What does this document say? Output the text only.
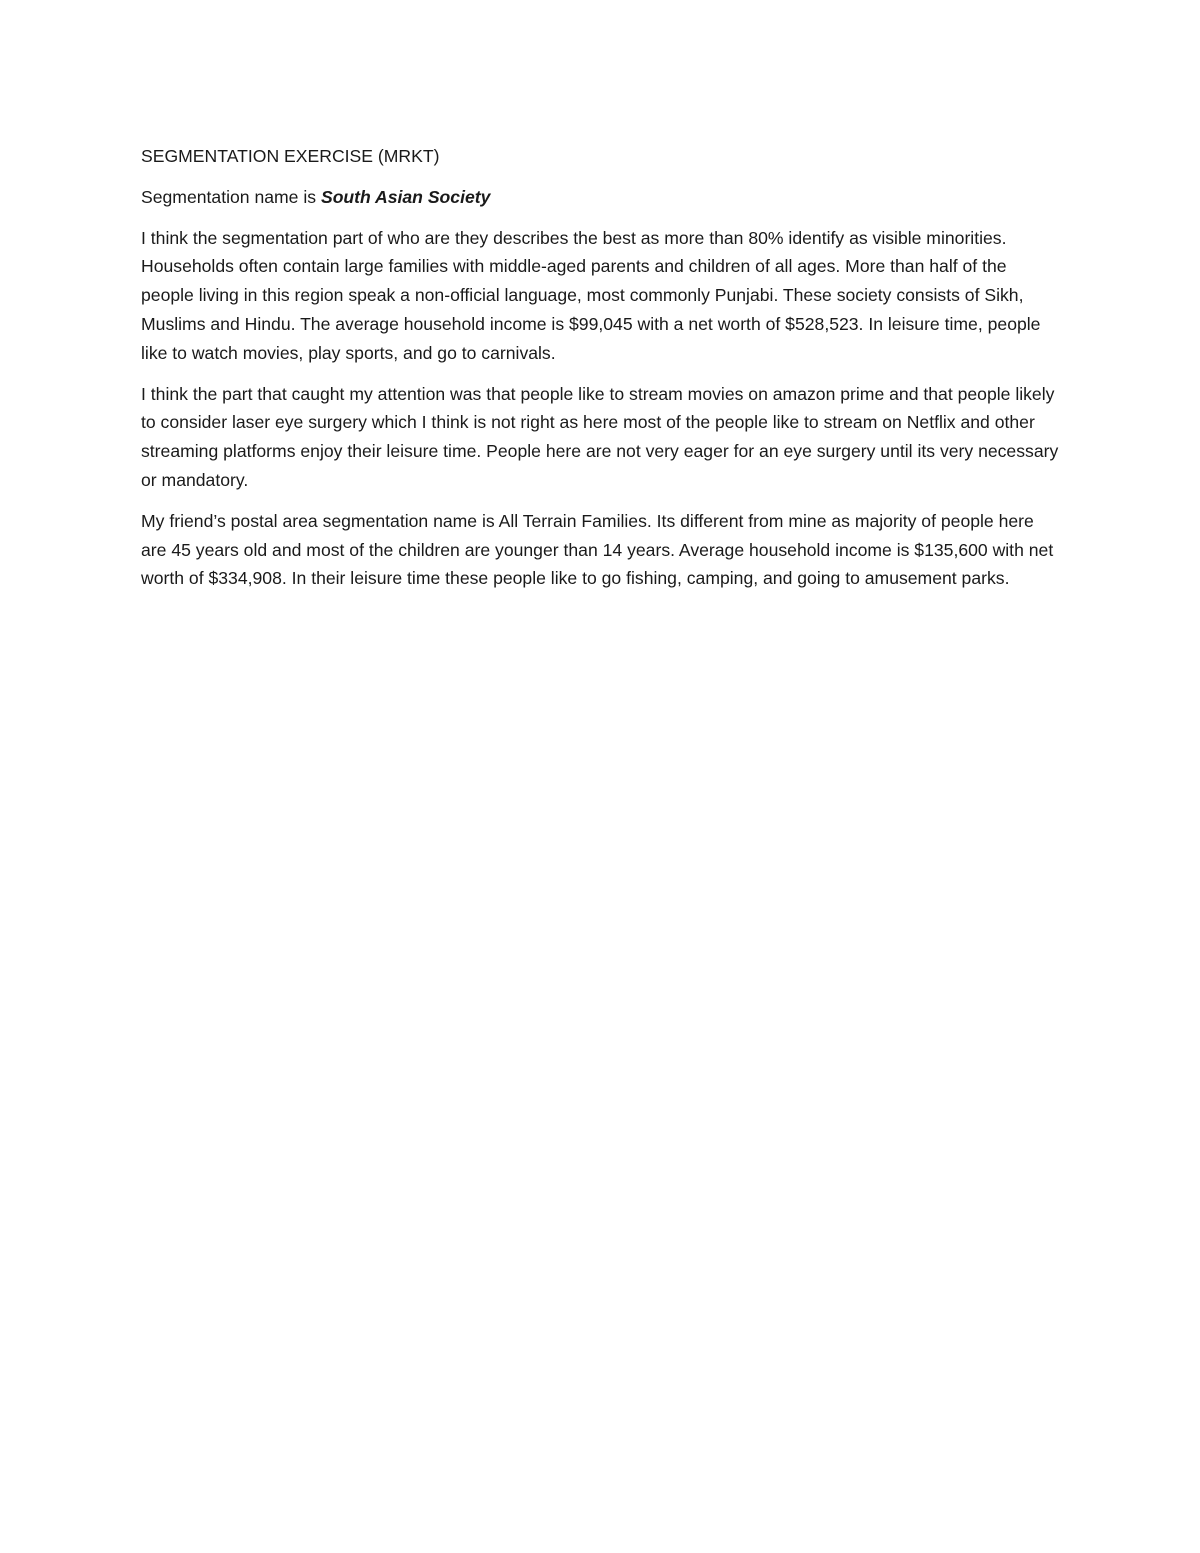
SEGMENTATION EXERCISE (MRKT)

Segmentation name is South Asian Society

I think the segmentation part of who are they describes the best as more than 80% identify as visible minorities. Households often contain large families with middle-aged parents and children of all ages. More than half of the people living in this region speak a non-official language, most commonly Punjabi. These society consists of Sikh, Muslims and Hindu. The average household income is $99,045 with a net worth of $528,523. In leisure time, people like to watch movies, play sports, and go to carnivals.

I think the part that caught my attention was that people like to stream movies on amazon prime and that people likely to consider laser eye surgery which I think is not right as here most of the people like to stream on Netflix and other streaming platforms enjoy their leisure time. People here are not very eager for an eye surgery until its very necessary or mandatory.

My friend’s postal area segmentation name is All Terrain Families. Its different from mine as majority of people here are 45 years old and most of the children are younger than 14 years. Average household income is $135,600 with net worth of $334,908. In their leisure time these people like to go fishing, camping, and going to amusement parks.
